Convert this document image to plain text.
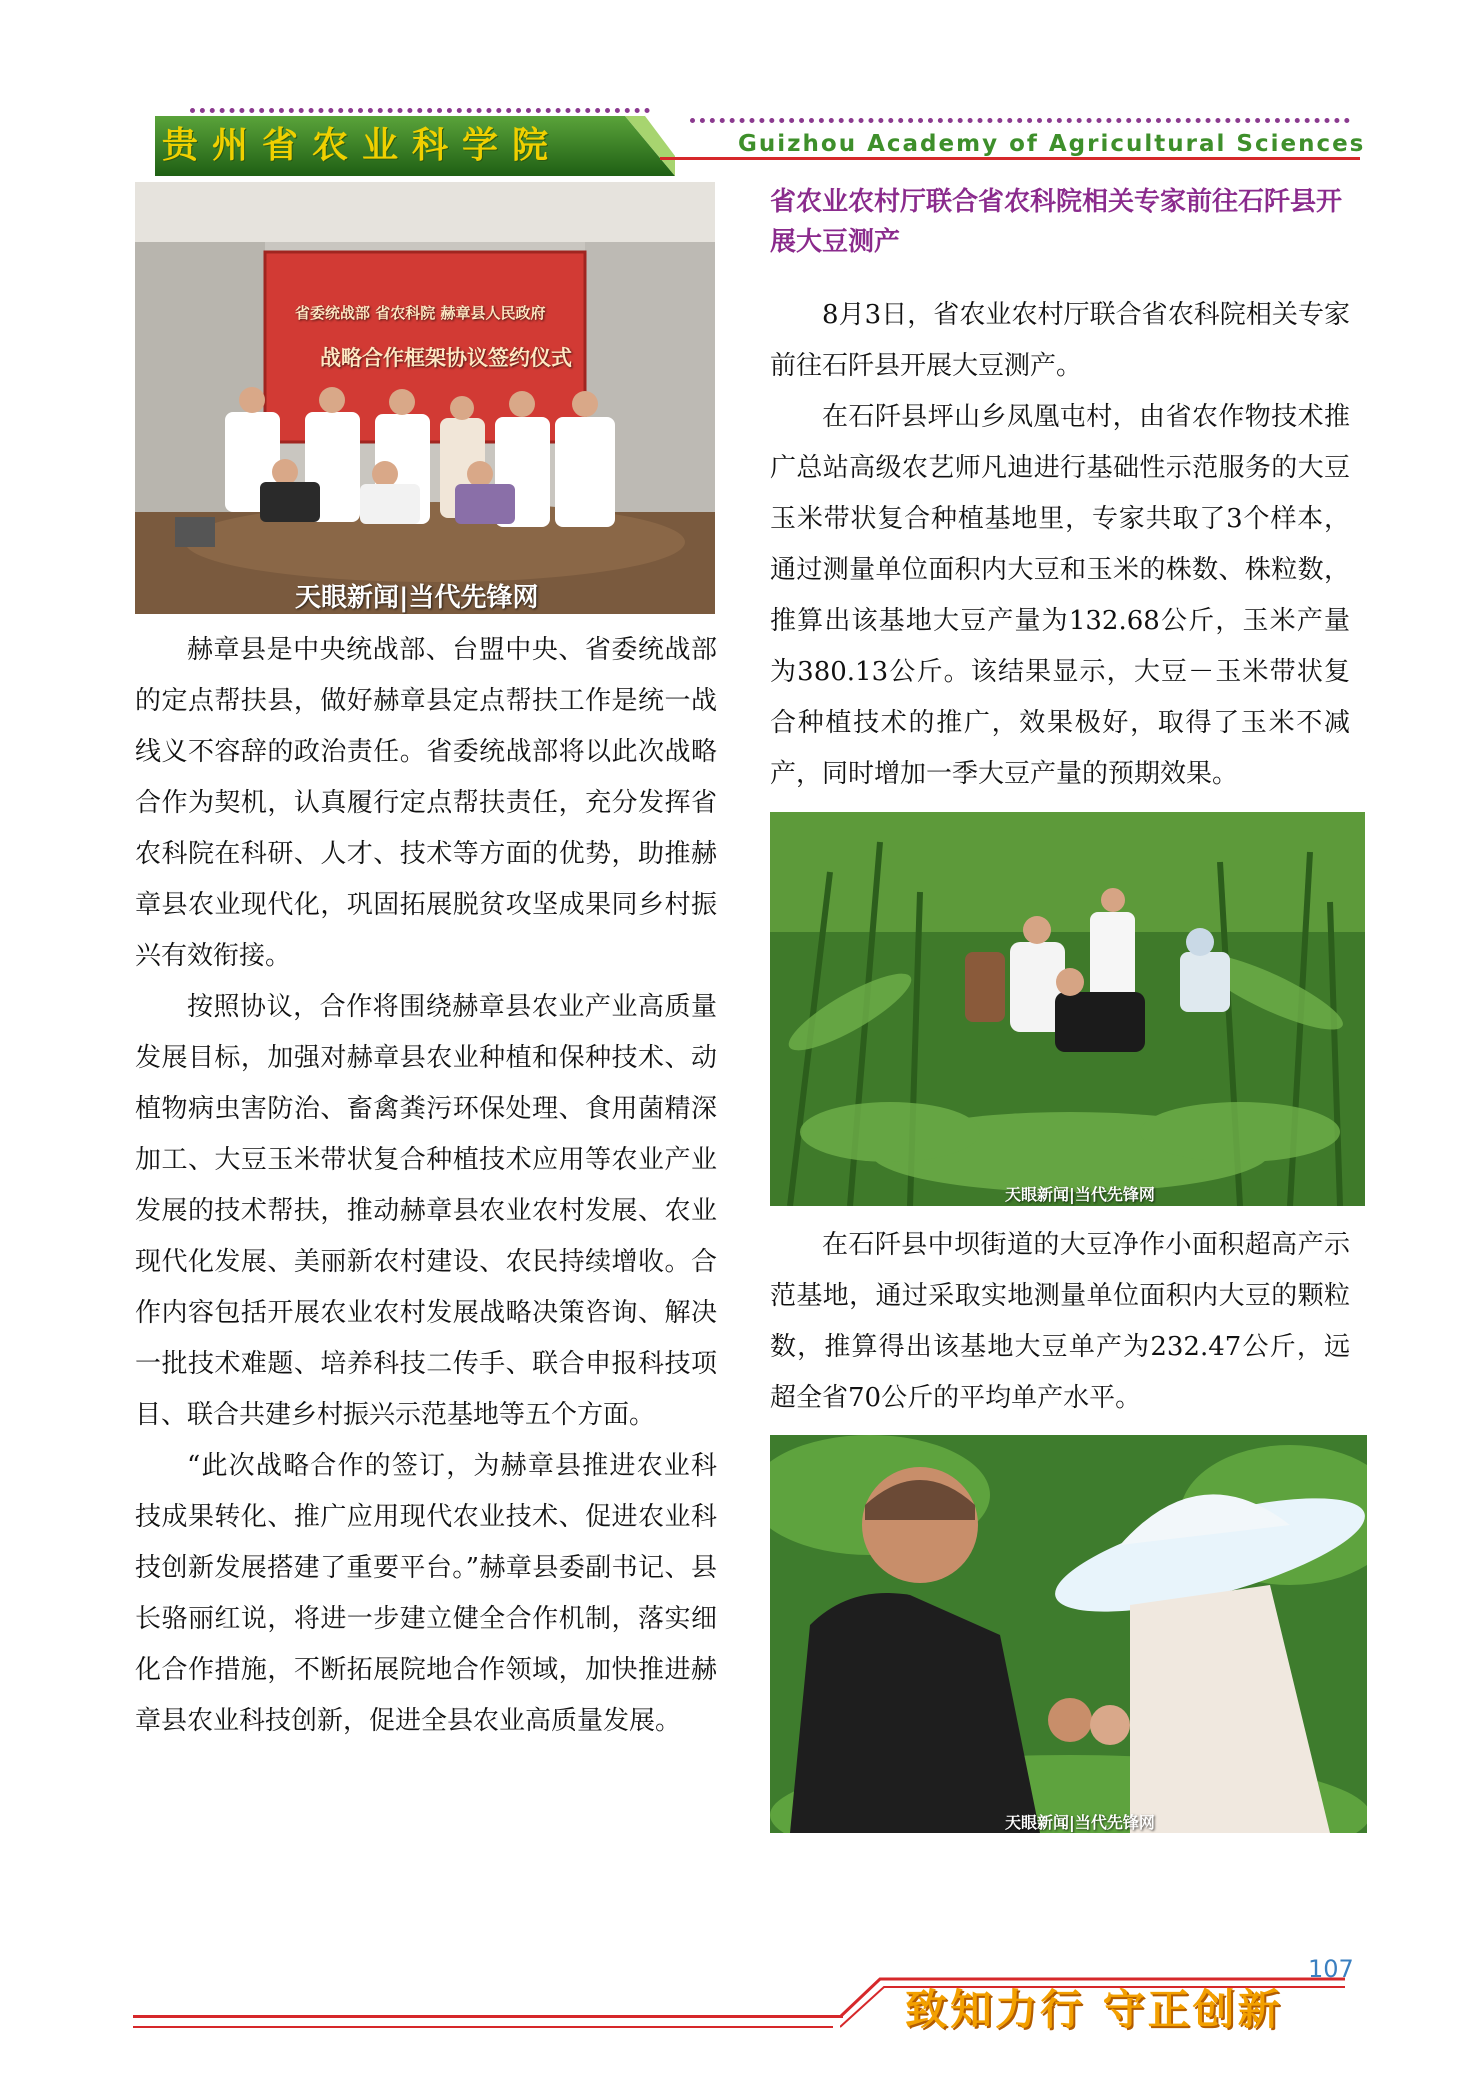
贵州省农业科学院	Guizhou Academy of Agricultural Sciences
省委统战部 省农科院 赫章县人民政府
战略合作框架协议签约仪式
天眼新闻|当代先锋网

赫章县是中央统战部、台盟中央、省委统战部的定点帮扶县，做好赫章县定点帮扶工作是统一战线义不容辞的政治责任。省委统战部将以此次战略合作为契机，认真履行定点帮扶责任，充分发挥省农科院在科研、人才、技术等方面的优势，助推赫章县农业现代化，巩固拓展脱贫攻坚成果同乡村振兴有效衔接。

按照协议，合作将围绕赫章县农业产业高质量发展目标，加强对赫章县农业种植和保种技术、动植物病虫害防治、畜禽粪污环保处理、食用菌精深加工、大豆玉米带状复合种植技术应用等农业产业发展的技术帮扶，推动赫章县农业农村发展、农业现代化发展、美丽新农村建设、农民持续增收。合作内容包括开展农业农村发展战略决策咨询、解决一批技术难题、培养科技二传手、联合申报科技项目、联合共建乡村振兴示范基地等五个方面。

“此次战略合作的签订，为赫章县推进农业科技成果转化、推广应用现代农业技术、促进农业科技创新发展搭建了重要平台。”赫章县委副书记、县长骆丽红说，将进一步建立健全合作机制，落实细化合作措施，不断拓展院地合作领域，加快推进赫章县农业科技创新，促进全县农业高质量发展。

省农业农村厅联合省农科院相关专家前往石阡县开展大豆测产

8月3日，省农业农村厅联合省农科院相关专家前往石阡县开展大豆测产。

在石阡县坪山乡凤凰屯村，由省农作物技术推广总站高级农艺师凡迪进行基础性示范服务的大豆玉米带状复合种植基地里，专家共取了3个样本，通过测量单位面积内大豆和玉米的株数、株粒数，推算出该基地大豆产量为132.68公斤，玉米产量为380.13公斤。该结果显示，大豆－玉米带状复合种植技术的推广，效果极好，取得了玉米不减产，同时增加一季大豆产量的预期效果。

天眼新闻|当代先锋网

在石阡县中坝街道的大豆净作小面积超高产示范基地，通过采取实地测量单位面积内大豆的颗粒数，推算得出该基地大豆单产为232.47公斤，远超全省70公斤的平均单产水平。

天眼新闻|当代先锋网
107
致知力行 守正创新
